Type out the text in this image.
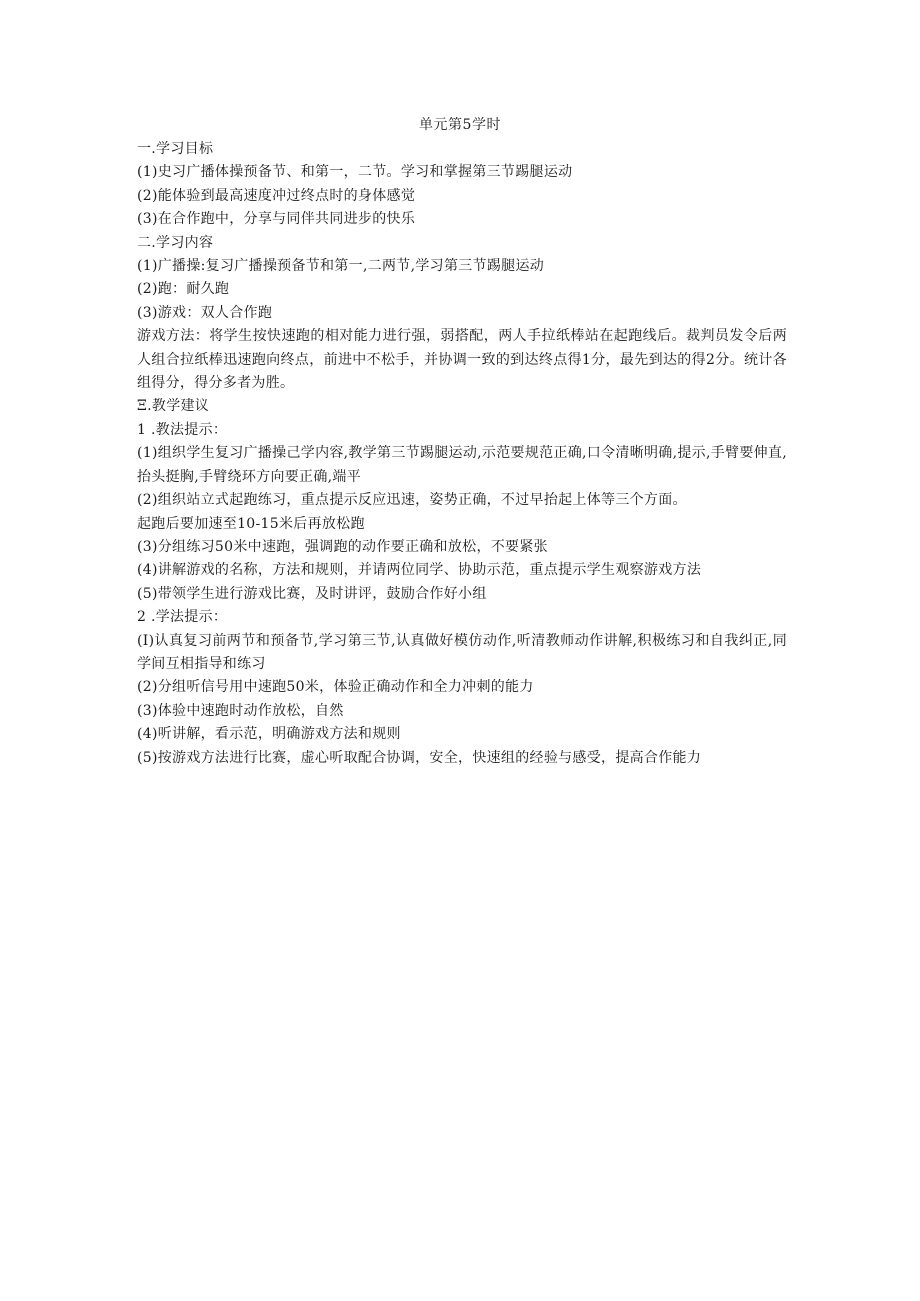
单元第5学时
一.学习目标
(1)史习广播体操预备节、和第一，二节。学习和掌握第三节踢腿运动
(2)能体验到最高速度冲过终点时的身体感觉
(3)在合作跑中，分享与同伴共同进步的快乐
二.学习内容
(1)广播操:复习广播操预备节和第一,二两节,学习第三节踢腿运动
(2)跑：耐久跑
(3)游戏：双人合作跑

游戏方法：将学生按快速跑的相对能力进行强，弱搭配，两人手拉纸棒站在起跑线后。裁判员发令后两人组合拉纸棒迅速跑向终点，前进中不松手，并协调一致的到达终点得1分，最先到达的得2分。统计各组得分，得分多者为胜。

Ξ.教学建议
1 .教法提示：

(1)组织学生复习广播操己学内容,教学第三节踢腿运动,示范要规范正确,口令清晰明确,提示,手臂要伸直,抬头挺胸,手臂绕环方向要正确,端平

(2)组织站立式起跑练习，重点提示反应迅速，姿势正确，不过早抬起上体等三个方面。
起跑后要加速至10-15米后再放松跑
(3)分组练习50米中速跑，强调跑的动作要正确和放松，不要紧张
(4)讲解游戏的名称，方法和规则，并请两位同学、协助示范，重点提示学生观察游戏方法
(5)带领学生进行游戏比赛，及时讲评，鼓励合作好小组
2 .学法提示：

(I)认真复习前两节和预备节,学习第三节,认真做好模仿动作,听清教师动作讲解,积极练习和自我纠正,同学间互相指导和练习

(2)分组听信号用中速跑50米，体验正确动作和全力冲刺的能力
(3)体验中速跑时动作放松，自然
(4)听讲解，看示范，明确游戏方法和规则
(5)按游戏方法进行比赛，虚心听取配合协调，安全，快速组的经验与感受，提高合作能力
